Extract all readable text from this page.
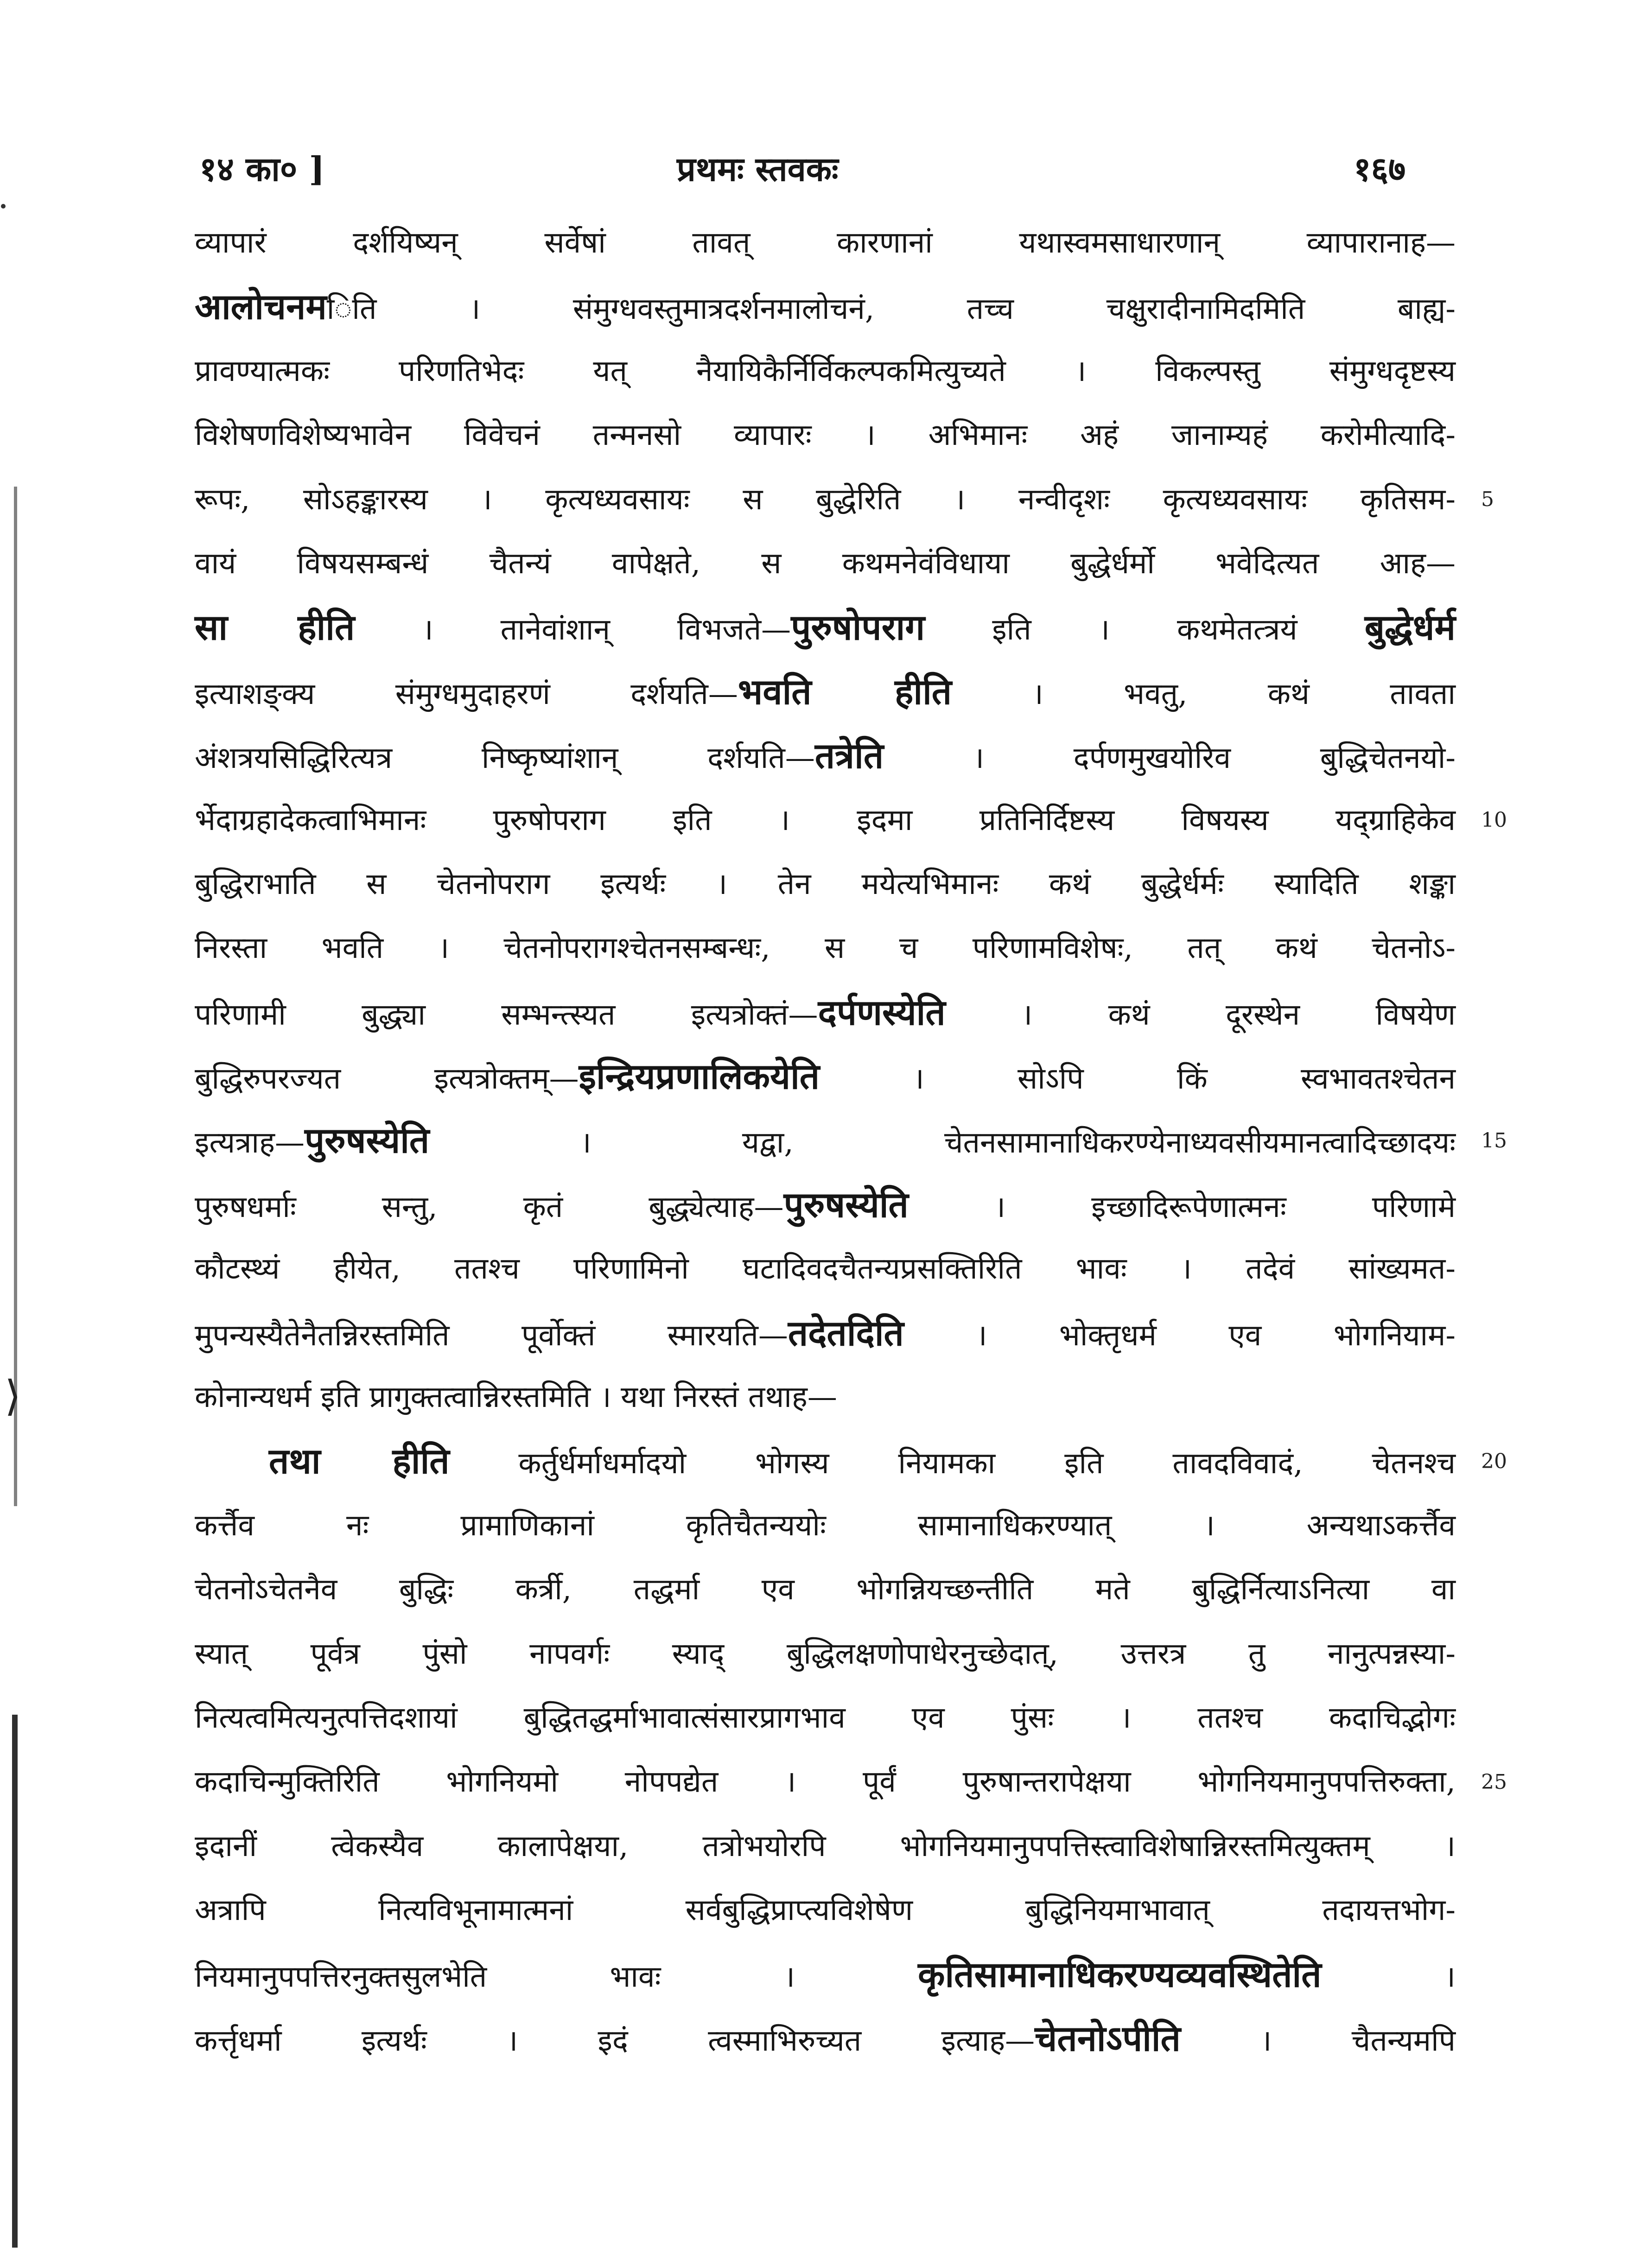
⟩
१४ का० ]	प्रथमः स्तवकः	१६७
व्यापारं दर्शयिष्यन् सर्वेषां तावत् कारणानां यथास्वमसाधारणान् व्यापारानाह—
आलोचनमिति । संमुग्धवस्तुमात्रदर्शनमालोचनं, तच्च चक्षुरादीनामिदमिति बाह्य-
प्रावण्यात्मकः परिणतिभेदः यत् नैयायिकैर्निर्विकल्पकमित्युच्यते । विकल्पस्तु संमुग्धदृष्टस्य
विशेषणविशेष्यभावेन विवेचनं तन्मनसो व्यापारः । अभिमानः अहं जानाम्यहं करोमीत्यादि-
रूपः, सोऽहङ्कारस्य । कृत्यध्यवसायः स बुद्धेरिति । नन्वीदृशः कृत्यध्यवसायः कृतिसम-
वायं विषयसम्बन्धं चैतन्यं वापेक्षते, स कथमनेवंविधाया बुद्धेर्धर्मो भवेदित्यत आह—
सा हीति । तानेवांशान् विभजते—पुरुषोपराग इति । कथमेतत्त्रयं बुद्धेर्धर्म
इत्याशङ्क्य संमुग्धमुदाहरणं दर्शयति—भवति हीति । भवतु, कथं तावता
अंशत्रयसिद्धिरित्यत्र निष्कृष्यांशान् दर्शयति—तत्रेति । दर्पणमुखयोरिव बुद्धिचेतनयो-
र्भेदाग्रहादेकत्वाभिमानः पुरुषोपराग इति । इदमा प्रतिनिर्दिष्टस्य विषयस्य यद्ग्राहिकेव
बुद्धिराभाति स चेतनोपराग इत्यर्थः । तेन मयेत्यभिमानः कथं बुद्धेर्धर्मः स्यादिति शङ्का
निरस्ता भवति । चेतनोपरागश्चेतनसम्बन्धः, स च परिणामविशेषः, तत् कथं चेतनोऽ-
परिणामी बुद्ध्या सम्भन्त्स्यत इत्यत्रोक्तं—दर्पणस्येति । कथं दूरस्थेन विषयेण
बुद्धिरुपरज्यत इत्यत्रोक्तम्—इन्द्रियप्रणालिकयेति । सोऽपि किं स्वभावतश्चेतन
इत्यत्राह—पुरुषस्येति । यद्वा, चेतनसामानाधिकरण्येनाध्यवसीयमानत्वादिच्छादयः
पुरुषधर्माः सन्तु, कृतं बुद्ध्येत्याह—पुरुषस्येति । इच्छादिरूपेणात्मनः परिणामे
कौटस्थ्यं हीयेत, ततश्च परिणामिनो घटादिवदचैतन्यप्रसक्तिरिति भावः । तदेवं सांख्यमत-
मुपन्यस्यैतेनैतन्निरस्तमिति पूर्वोक्तं स्मारयति—तदेतदिति । भोक्तृधर्म एव भोगनियाम-
कोनान्यधर्म इति प्रागुक्तत्वान्निरस्तमिति । यथा निरस्तं तथाह—
तथा हीति कर्तुर्धर्माधर्मादयो भोगस्य नियामका इति तावदविवादं, चेतनश्च
कर्त्तैव नः प्रामाणिकानां कृतिचैतन्ययोः सामानाधिकरण्यात् । अन्यथाऽकर्त्तैव
चेतनोऽचेतनैव बुद्धिः कर्त्री, तद्धर्मा एव भोगन्नियच्छन्तीति मते बुद्धिर्नित्याऽनित्या वा
स्यात् पूर्वत्र पुंसो नापवर्गः स्याद् बुद्धिलक्षणोपाधेरनुच्छेदात्, उत्तरत्र तु नानुत्पन्नस्या-
नित्यत्वमित्यनुत्पत्तिदशायां बुद्धितद्धर्माभावात्संसारप्रागभाव एव पुंसः । ततश्च कदाचिद्भोगः
कदाचिन्मुक्तिरिति भोगनियमो नोपपद्येत । पूर्वं पुरुषान्तरापेक्षया भोगनियमानुपपत्तिरुक्ता,
इदानीं त्वेकस्यैव कालापेक्षया, तत्रोभयोरपि भोगनियमानुपपत्तिस्त्वाविशेषान्निरस्तमित्युक्तम् ।
अत्रापि नित्यविभूनामात्मनां सर्वबुद्धिप्राप्त्यविशेषेण बुद्धिनियमाभावात् तदायत्तभोग-
नियमानुपपत्तिरनुक्तसुलभेति भावः । कृतिसामानाधिकरण्यव्यवस्थितेति ।
कर्त्तृधर्मा इत्यर्थः । इदं त्वस्माभिरुच्यत इत्याह—चेतनोऽपीति । चैतन्यमपि
5
10
15
20
25
